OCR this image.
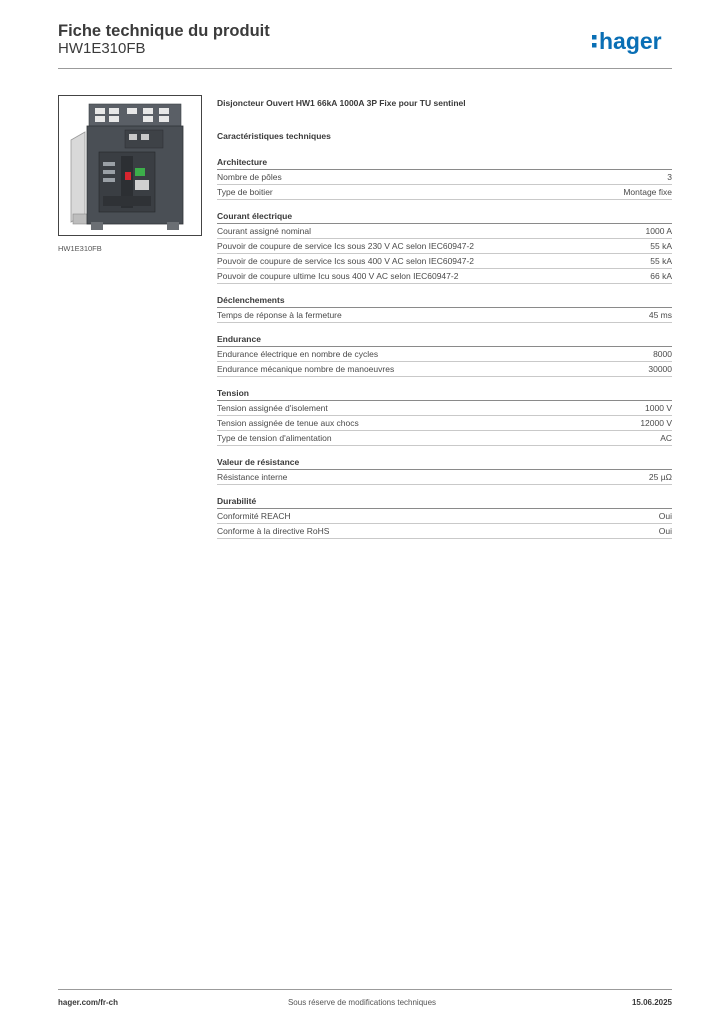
Fiche technique du produit
HW1E310FB	hager
HW1E310FB
Disjoncteur Ouvert HW1 66kA 1000A 3P Fixe pour TU sentinel
Caractéristiques techniques
Architecture
Nombre de pôles	3
Type de boitier	Montage fixe
Courant électrique
Courant assigné nominal	1000 A
Pouvoir de coupure de service Ics sous 230 V AC selon IEC60947-2	55 kA
Pouvoir de coupure de service Ics sous 400 V AC selon IEC60947-2	55 kA
Pouvoir de coupure ultime Icu sous 400 V AC selon IEC60947-2	66 kA
Déclenchements
Temps de réponse à la fermeture	45 ms
Endurance
Endurance électrique en nombre de cycles	8000
Endurance mécanique nombre de manoeuvres	30000
Tension
Tension assignée d'isolement	1000 V
Tension assignée de tenue aux chocs	12000 V
Type de tension d'alimentation	AC
Valeur de résistance
Résistance interne	25 µΩ
Durabilité
Conformité REACH	Oui
Conforme à la directive RoHS	Oui
hager.com/fr-ch	Sous réserve de modifications techniques	15.06.2025
